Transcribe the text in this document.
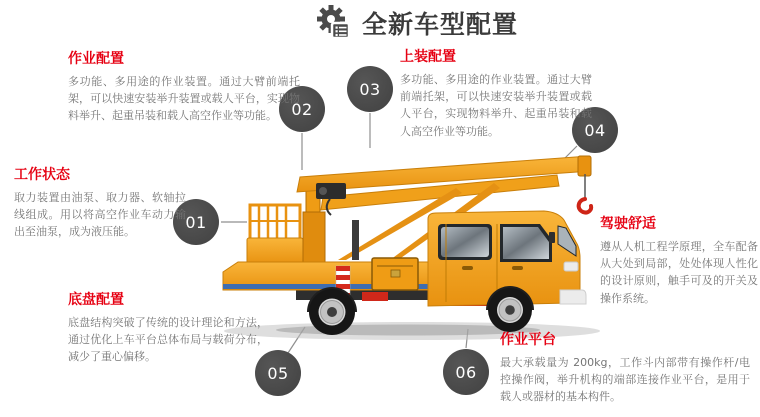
全新车型配置
作业配置

多功能、多用途的作业装置。通过大臂前端托架，可以快速安装举升装置或载人平台，实现物料举升、起重吊装和载人高空作业等功能。

上装配置

多功能、多用途的作业装置。通过大臂前端托架，可以快速安装举升装置或载人平台，实现物料举升、起重吊装和载人高空作业等功能。

工作状态

取力装置由油泵、取力器、软轴拉线组成。用以将高空作业车动力输出至油泵，成为液压能。

底盘配置

底盘结构突破了传统的设计理论和方法，通过优化上车平台总体布局与载荷分布，减少了重心偏移。

驾驶舒适

遵从人机工程学原理，全车配备从大处到局部，处处体现人性化的设计原则，触手可及的开关及操作系统。

作业平台

最大承载量为 200kg，工作斗内部带有操作杆/电控操作阀，举升机构的端部连接作业平台，是用于载人或器材的基本构件。

01
02
03
04
05	06
